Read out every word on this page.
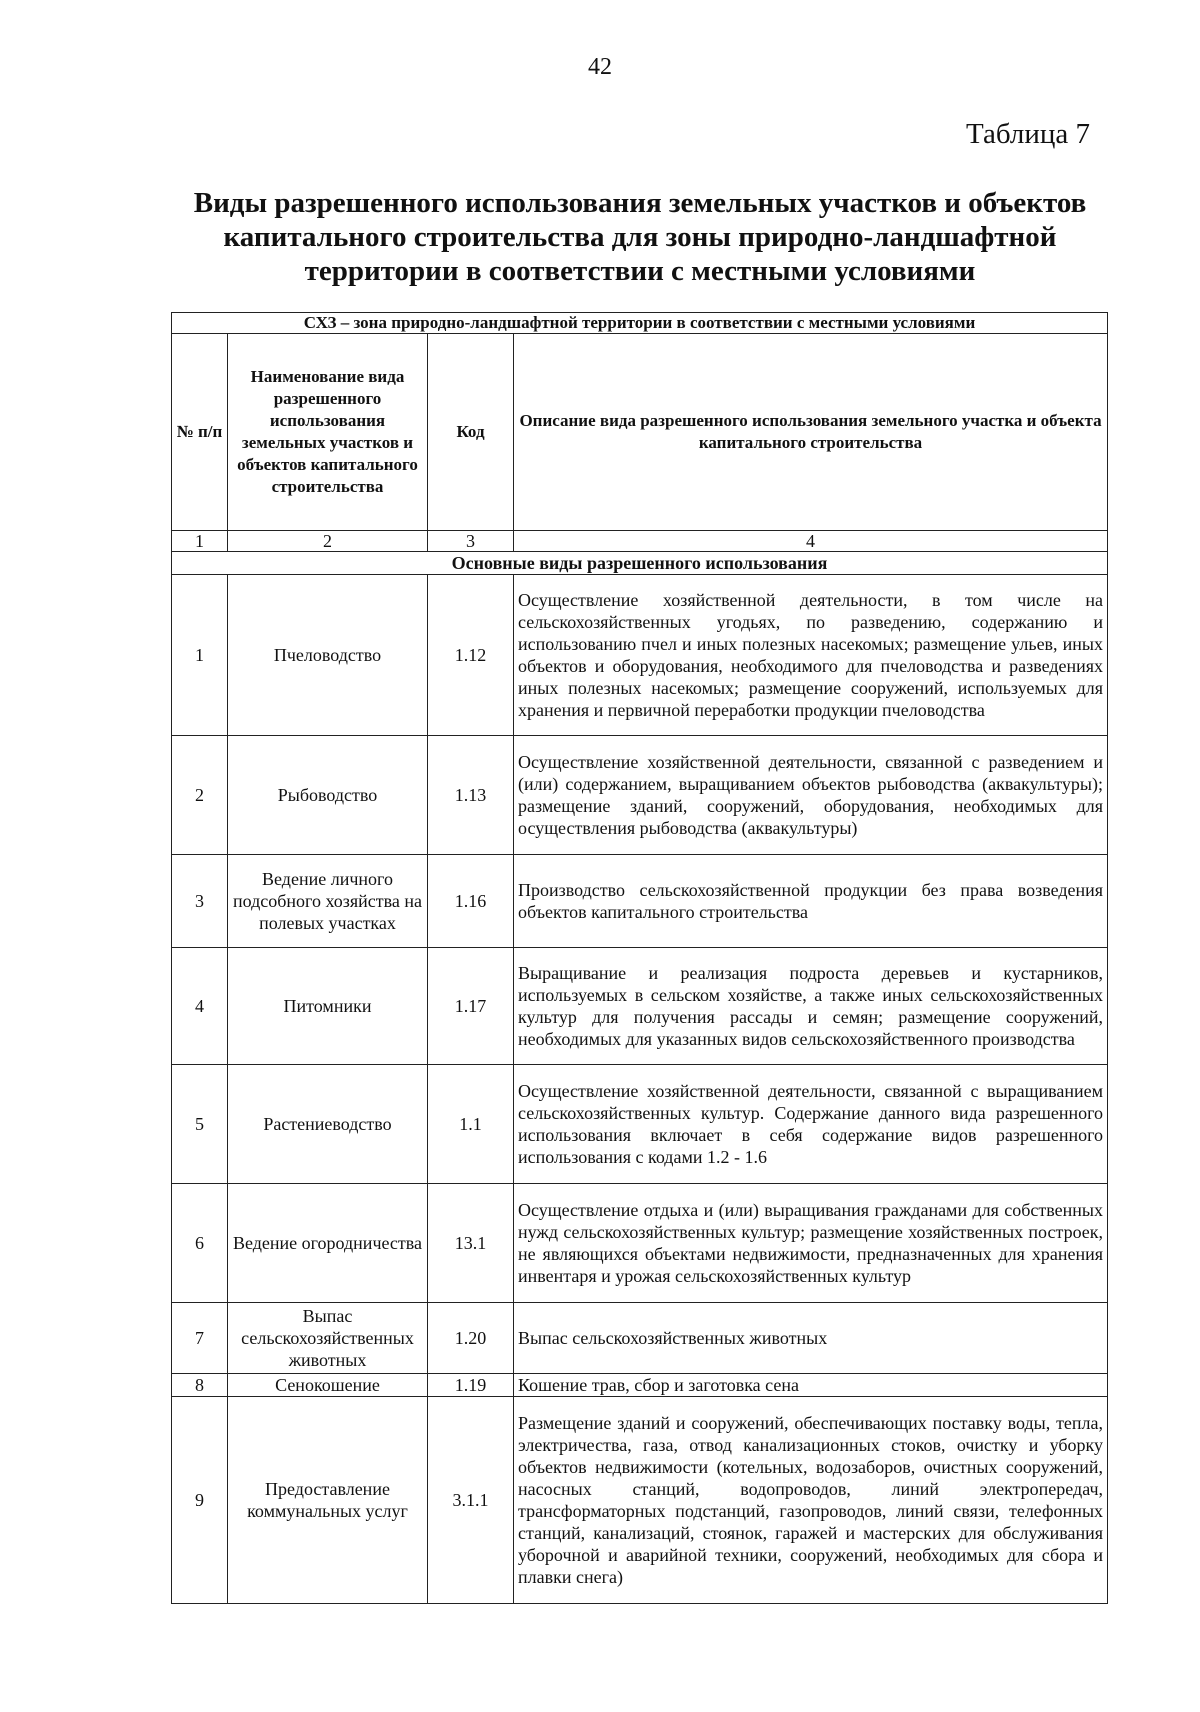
42
Таблица 7
Виды разрешенного использования земельных участков и объектов капитального строительства для зоны природно-ландшафтной территории в соответствии с местными условиями
СХЗ – зона природно-ландшафтной территории в соответствии с местными условиями			
№ п/п	Наименование вида разрешенного использования земельных участков и объектов капитального строительства	Код	Описание вида разрешенного использования земельного участка и объекта капитального строительства
1	2	3	4
Основные виды разрешенного использования			
1	Пчеловодство	1.12	Осуществление хозяйственной деятельности, в том числе на сельскохозяйственных угодьях, по разведению, содержанию и использованию пчел и иных полезных насекомых; размещение ульев, иных объектов и оборудования, необходимого для пчеловодства и разведениях иных полезных насекомых; размещение сооружений, используемых для хранения и первичной переработки продукции пчеловодства
2	Рыбоводство	1.13	Осуществление хозяйственной деятельности, связанной с разведением и (или) содержанием, выращиванием объектов рыбоводства (аквакультуры); размещение зданий, сооружений, оборудования, необходимых для осуществления рыбоводства (аквакультуры)
3	Ведение личного подсобного хозяйства на полевых участках	1.16	Производство сельскохозяйственной продукции без права возведения объектов капитального строительства
4	Питомники	1.17	Выращивание и реализация подроста деревьев и кустарников, используемых в сельском хозяйстве, а также иных сельскохозяйственных культур для получения рассады и семян; размещение сооружений, необходимых для указанных видов сельскохозяйственного производства
5	Растениеводство	1.1	Осуществление хозяйственной деятельности, связанной с выращиванием сельскохозяйственных культур. Содержание данного вида разрешенного использования включает в себя содержание видов разрешенного использования с кодами 1.2 - 1.6
6	Ведение огородничества	13.1	Осуществление отдыха и (или) выращивания гражданами для собственных нужд сельскохозяйственных культур; размещение хозяйственных построек, не являющихся объектами недвижимости, предназначенных для хранения инвентаря и урожая сельскохозяйственных культур
7	Выпас сельскохозяйственных животных	1.20	Выпас сельскохозяйственных животных
8	Сенокошение	1.19	Кошение трав, сбор и заготовка сена
9	Предоставление коммунальных услуг	3.1.1	Размещение зданий и сооружений, обеспечивающих поставку воды, тепла, электричества, газа, отвод канализационных стоков, очистку и уборку объектов недвижимости (котельных, водозаборов, очистных сооружений, насосных станций, водопроводов, линий электропередач, трансформаторных подстанций, газопроводов, линий связи, телефонных станций, канализаций, стоянок, гаражей и мастерских для обслуживания уборочной и аварийной техники, сооружений, необходимых для сбора и плавки снега)
